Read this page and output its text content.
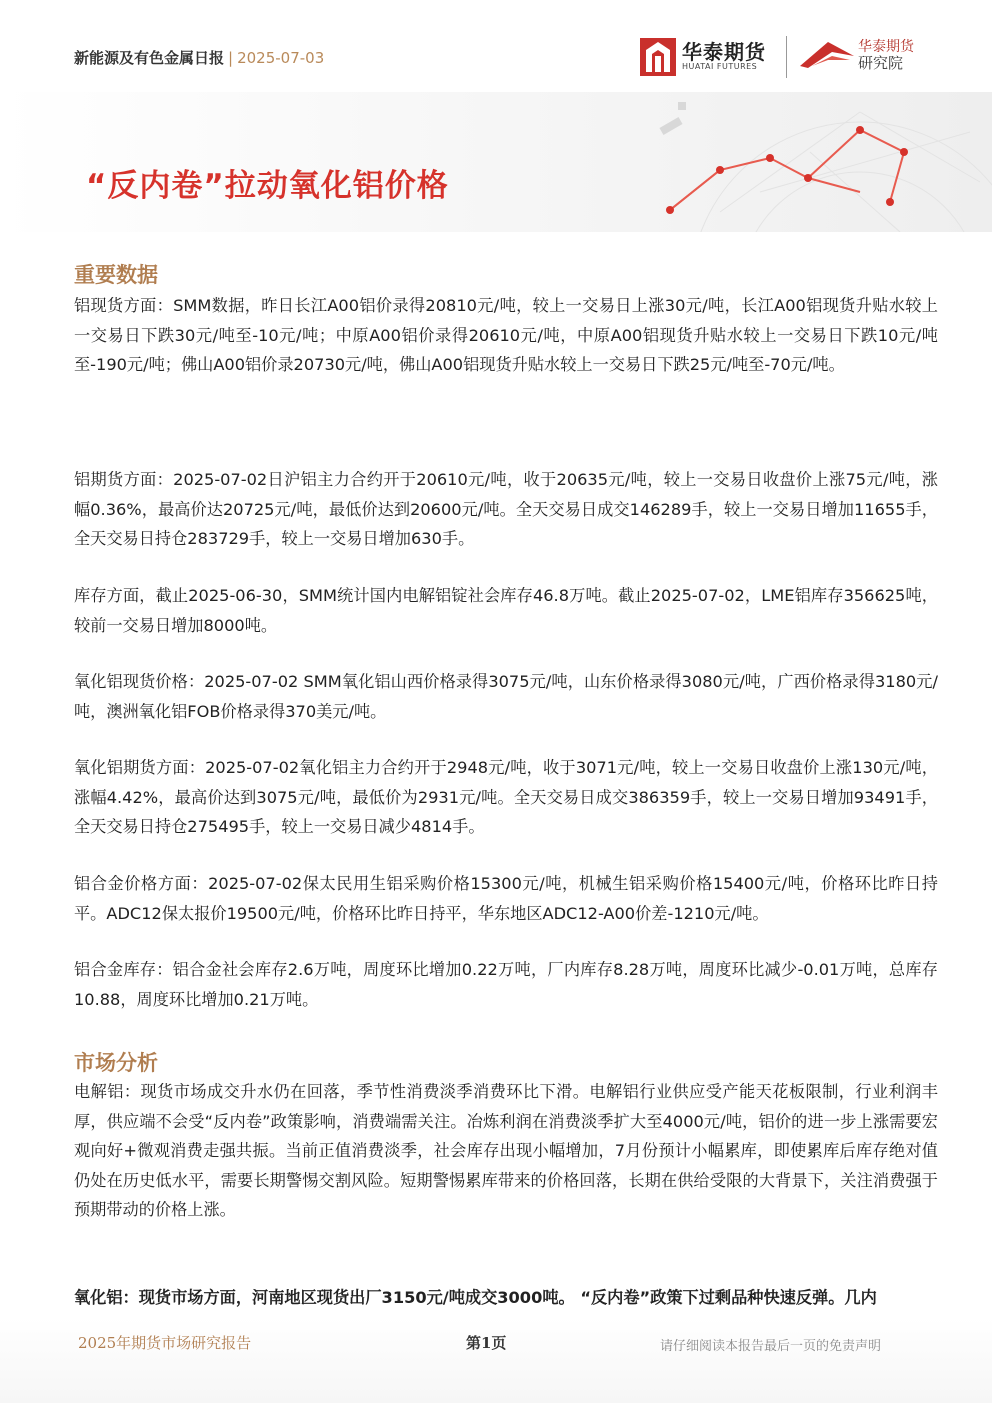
新能源及有色金属日报 | 2025-07-03	华泰期货
HUATAI FUTURES
华泰期货
研究院
“反内卷”拉动氧化铝价格
重要数据
铝现货方面：SMM数据，昨日长江A00铝价录得20810元/吨，较上一交易日上涨30元/吨，长江A00铝现货升贴水较上一交易日下跌30元/吨至-10元/吨；中原A00铝价录得20610元/吨，中原A00铝现货升贴水较上一交易日下跌10元/吨至-190元/吨；佛山A00铝价录20730元/吨，佛山A00铝现货升贴水较上一交易日下跌25元/吨至-70元/吨。
铝期货方面：2025-07-02日沪铝主力合约开于20610元/吨，收于20635元/吨，较上一交易日收盘价上涨75元/吨，涨幅0.36%，最高价达20725元/吨，最低价达到20600元/吨。全天交易日成交146289手，较上一交易日增加11655手，全天交易日持仓283729手，较上一交易日增加630手。
库存方面，截止2025-06-30，SMM统计国内电解铝锭社会库存46.8万吨。截止2025-07-02，LME铝库存356625吨，较前一交易日增加8000吨。
氧化铝现货价格：2025-07-02 SMM氧化铝山西价格录得3075元/吨，山东价格录得3080元/吨，广西价格录得3180元/吨，澳洲氧化铝FOB价格录得370美元/吨。
氧化铝期货方面：2025-07-02氧化铝主力合约开于2948元/吨，收于3071元/吨，较上一交易日收盘价上涨130元/吨，涨幅4.42%，最高价达到3075元/吨，最低价为2931元/吨。全天交易日成交386359手，较上一交易日增加93491手，全天交易日持仓275495手，较上一交易日减少4814手。
铝合金价格方面：2025-07-02保太民用生铝采购价格15300元/吨，机械生铝采购价格15400元/吨，价格环比昨日持平。ADC12保太报价19500元/吨，价格环比昨日持平，华东地区ADC12-A00价差-1210元/吨。
铝合金库存：铝合金社会库存2.6万吨，周度环比增加0.22万吨，厂内库存8.28万吨，周度环比减少-0.01万吨，总库存10.88，周度环比增加0.21万吨。
市场分析
电解铝：现货市场成交升水仍在回落，季节性消费淡季消费环比下滑。电解铝行业供应受产能天花板限制，行业利润丰厚，供应端不会受“反内卷”政策影响，消费端需关注。冶炼利润在消费淡季扩大至4000元/吨，铝价的进一步上涨需要宏观向好+微观消费走强共振。当前正值消费淡季，社会库存出现小幅增加，7月份预计小幅累库，即使累库后库存绝对值仍处在历史低水平，需要长期警惕交割风险。短期警惕累库带来的价格回落，长期在供给受限的大背景下，关注消费强于预期带动的价格上涨。
氧化铝：现货市场方面，河南地区现货出厂3150元/吨成交3000吨。 “反内卷”政策下过剩品种快速反弹。几内
2025年期货市场研究报告	第1页	请仔细阅读本报告最后一页的免责声明
